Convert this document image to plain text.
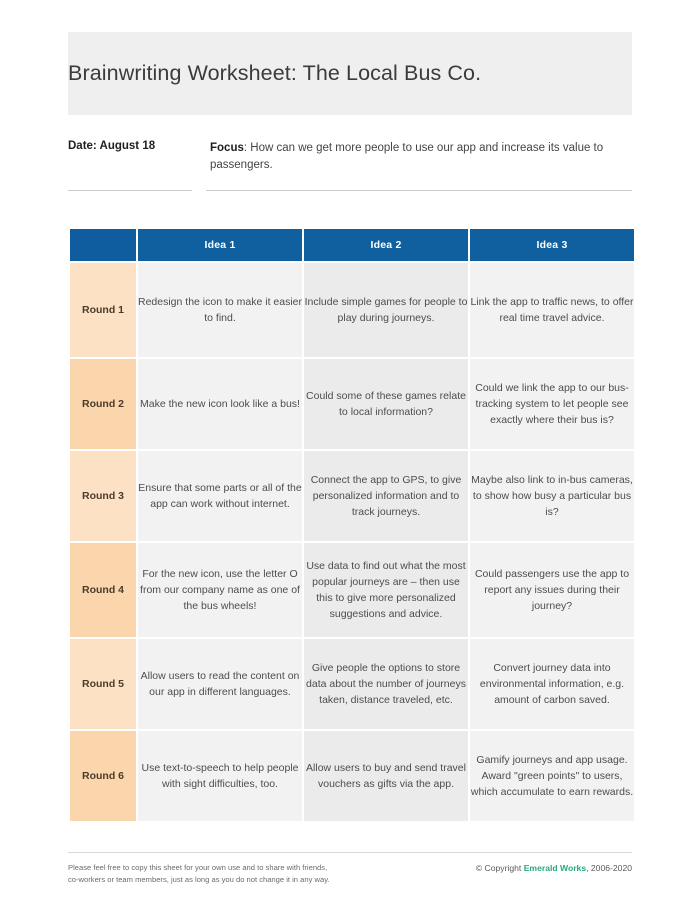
Brainwriting Worksheet: The Local Bus Co.
Date: August 18	Focus: How can we get more people to use our app and increase its value to passengers.
	Idea 1	Idea 2	Idea 3
Round 1	Redesign the icon to make it easier to find.	Include simple games for people to play during journeys.	Link the app to traffic news, to offer real time travel advice.
Round 2	Make the new icon look like a bus!	Could some of these games relate to local information?	Could we link the app to our bus-tracking system to let people see exactly where their bus is?
Round 3	Ensure that some parts or all of the app can work without internet.	Connect the app to GPS, to give personalized information and to track journeys.	Maybe also link to in-bus cameras, to show how busy a particular bus is?
Round 4	For the new icon, use the letter O from our company name as one of the bus wheels!	Use data to find out what the most popular journeys are – then use this to give more personalized suggestions and advice.	Could passengers use the app to report any issues during their journey?
Round 5	Allow users to read the content on our app in different languages.	Give people the options to store data about the number of journeys taken, distance traveled, etc.	Convert journey data into environmental information, e.g. amount of carbon saved.
Round 6	Use text-to-speech to help people with sight difficulties, too.	Allow users to buy and send travel vouchers as gifts via the app.	Gamify journeys and app usage. Award "green points" to users, which accumulate to earn rewards.
Please feel free to copy this sheet for your own use and to share with friends,
co-workers or team members, just as long as you do not change it in any way.
© Copyright Emerald Works, 2006-2020
